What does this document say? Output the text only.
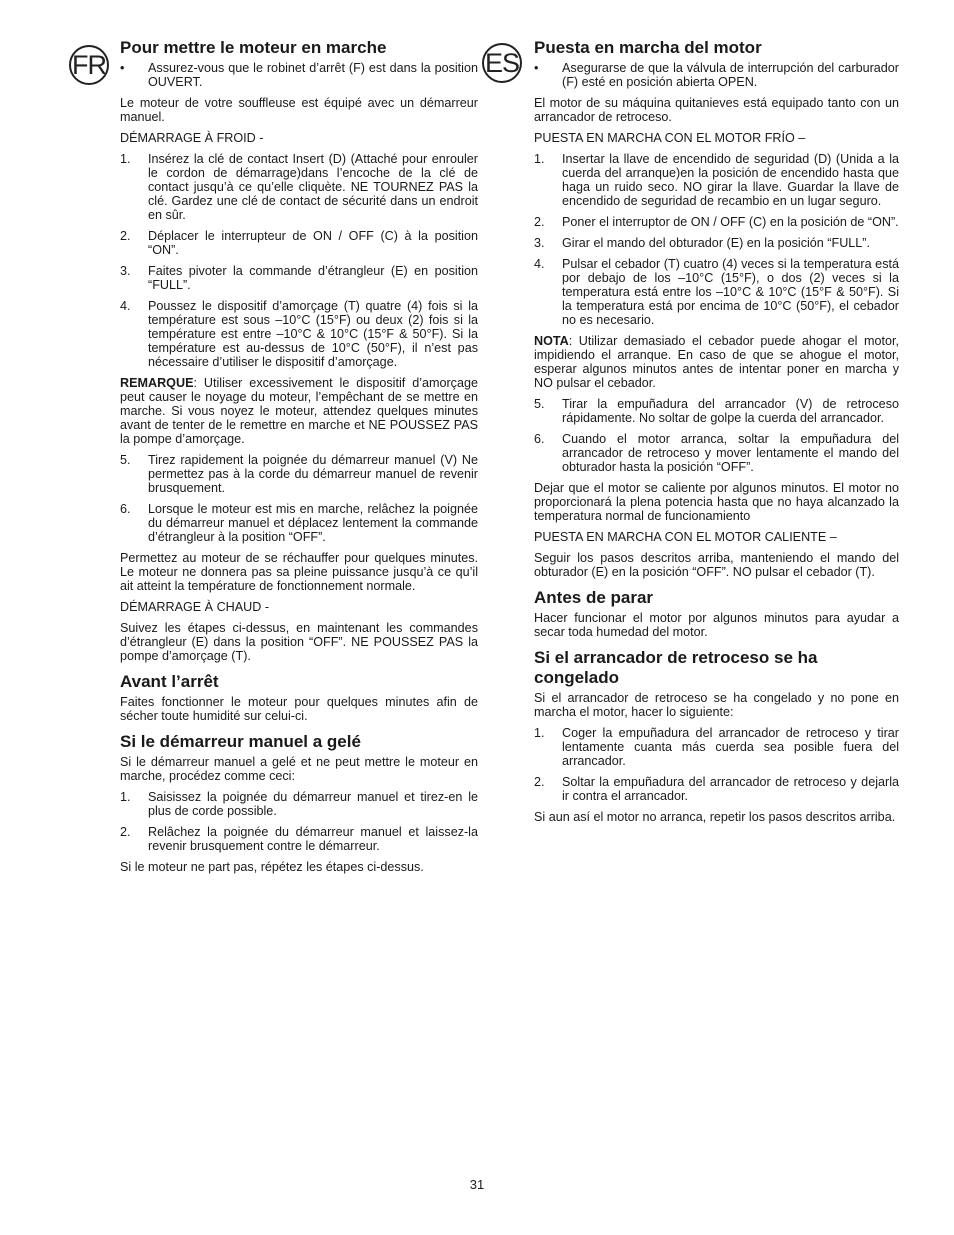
FR	ES
Pour mettre le moteur en marche
•	Assurez-vous que le robinet d’arrêt (F) est dans la position OUVERT.

Le moteur de votre souffleuse est équipé avec un démarreur manuel.

DÉMARRAGE À FROID -

1.	Insérez la clé de contact Insert (D) (Attaché pour enrouler le cordon de démarrage)dans l’encoche de la clé de contact jusqu’à ce qu’elle cliquète. NE TOURNEZ PAS la clé. Gardez une clé de contact de sécurité dans un endroit en sûr.
2.	Déplacer le interrupteur de ON / OFF (C) à la position “ON”.
3.	Faites pivoter la commande d’étrangleur (E) en position “FULL”.
4.	Poussez le dispositif d’amorçage (T) quatre (4) fois si la température est sous –10°C (15°F) ou deux (2) fois si la température est entre –10°C & 10°C (15°F & 50°F). Si la température est au-dessus de 10°C (50°F), il n’est pas nécessaire d’utiliser le dispositif d’amorçage.

REMARQUE: Utiliser excessivement le dispositif d’amorçage peut causer le noyage du moteur, l’empêchant de se mettre en marche. Si vous noyez le moteur, attendez quelques minutes avant de tenter de le remettre en marche et NE POUSSEZ PAS la pompe d’amorçage.

5.	Tirez rapidement la poignée du démarreur manuel (V) Ne permettez pas à la corde du démarreur manuel de revenir brusquement.
6.	Lorsque le moteur est mis en marche, relâchez la poignée du démarreur manuel et déplacez lentement la commande d’étrangleur à la position “OFF”.

Permettez au moteur de se réchauffer pour quelques minutes. Le moteur ne donnera pas sa pleine puissance jusqu’à ce qu’il ait atteint la température de fonctionnement normale.

DÉMARRAGE À CHAUD -

Suivez les étapes ci-dessus, en maintenant les commandes d’étrangleur (E) dans la position “OFF”. NE POUSSEZ PAS la pompe d’amorçage (T).

Avant l’arrêt

Faites fonctionner le moteur pour quelques minutes afin de sécher toute humidité sur celui-ci.

Si le démarreur manuel a gelé

Si le démarreur manuel a gelé et ne peut mettre le moteur en marche, procédez comme ceci:

1.	Saisissez la poignée du démarreur manuel et tirez-en le plus de corde possible.
2.	Relâchez la poignée du démarreur manuel et laissez-la revenir brusquement contre le démarreur.

Si le moteur ne part pas, répétez les étapes ci-dessus.

Puesta en marcha del motor
•	Asegurarse de que la válvula de interrupción del carburador (F) esté en posición abierta OPEN.

El motor de su máquina quitanieves está equipado tanto con un arrancador de retroceso.

PUESTA EN MARCHA CON EL MOTOR FRÍO –

1.	Insertar la llave de encendido de seguridad (D) (Unida a la cuerda del arranque)en la posición de encendido hasta que haga un ruido seco. NO girar la llave. Guardar la llave de encendido de seguridad de recambio en un lugar seguro.
2.	Poner el interruptor de ON / OFF (C) en la posición de “ON”.
3.	Girar el mando del obturador (E) en la posición “FULL”.
4.	Pulsar el cebador (T) cuatro (4) veces si la temperatura está por debajo de los –10°C (15°F), o dos (2) veces si la temperatura está entre los –10°C & 10°C (15°F & 50°F). Si la temperatura está por encima de 10°C (50°F), el cebador no es necesario.

NOTA: Utilizar demasiado el cebador puede ahogar el motor, impidiendo el arranque. En caso de que se ahogue el motor, esperar algunos minutos antes de intentar poner en marcha y NO pulsar el cebador.

5.	Tirar la empuñadura del arrancador (V) de retroceso rápidamente. No soltar de golpe la cuerda del arrancador.
6.	Cuando el motor arranca, soltar la empuñadura del arrancador de retroceso y mover lentamente el mando del obturador hasta la posición “OFF”.

Dejar que el motor se caliente por algunos minutos. El motor no proporcionará la plena potencia hasta que no haya alcanzado la temperatura normal de funcionamiento

PUESTA EN MARCHA CON EL MOTOR CALIENTE –

Seguir los pasos descritos arriba, manteniendo el mando del obturador (E) en la posición “OFF”. NO pulsar el cebador (T).

Antes de parar

Hacer funcionar el motor por algunos minutos para ayudar a secar toda humedad del motor.

Si el arrancador de retroceso se ha congelado

Si el arrancador de retroceso se ha congelado y no pone en marcha el motor, hacer lo siguiente:

1.	Coger la empuñadura del arrancador de retroceso y tirar lentamente cuanta más cuerda sea posible fuera del arrancador.
2.	Soltar la empuñadura del arrancador de retroceso y dejarla ir contra el arrancador.

Si aun así el motor no arranca, repetir los pasos descritos arriba.

31
